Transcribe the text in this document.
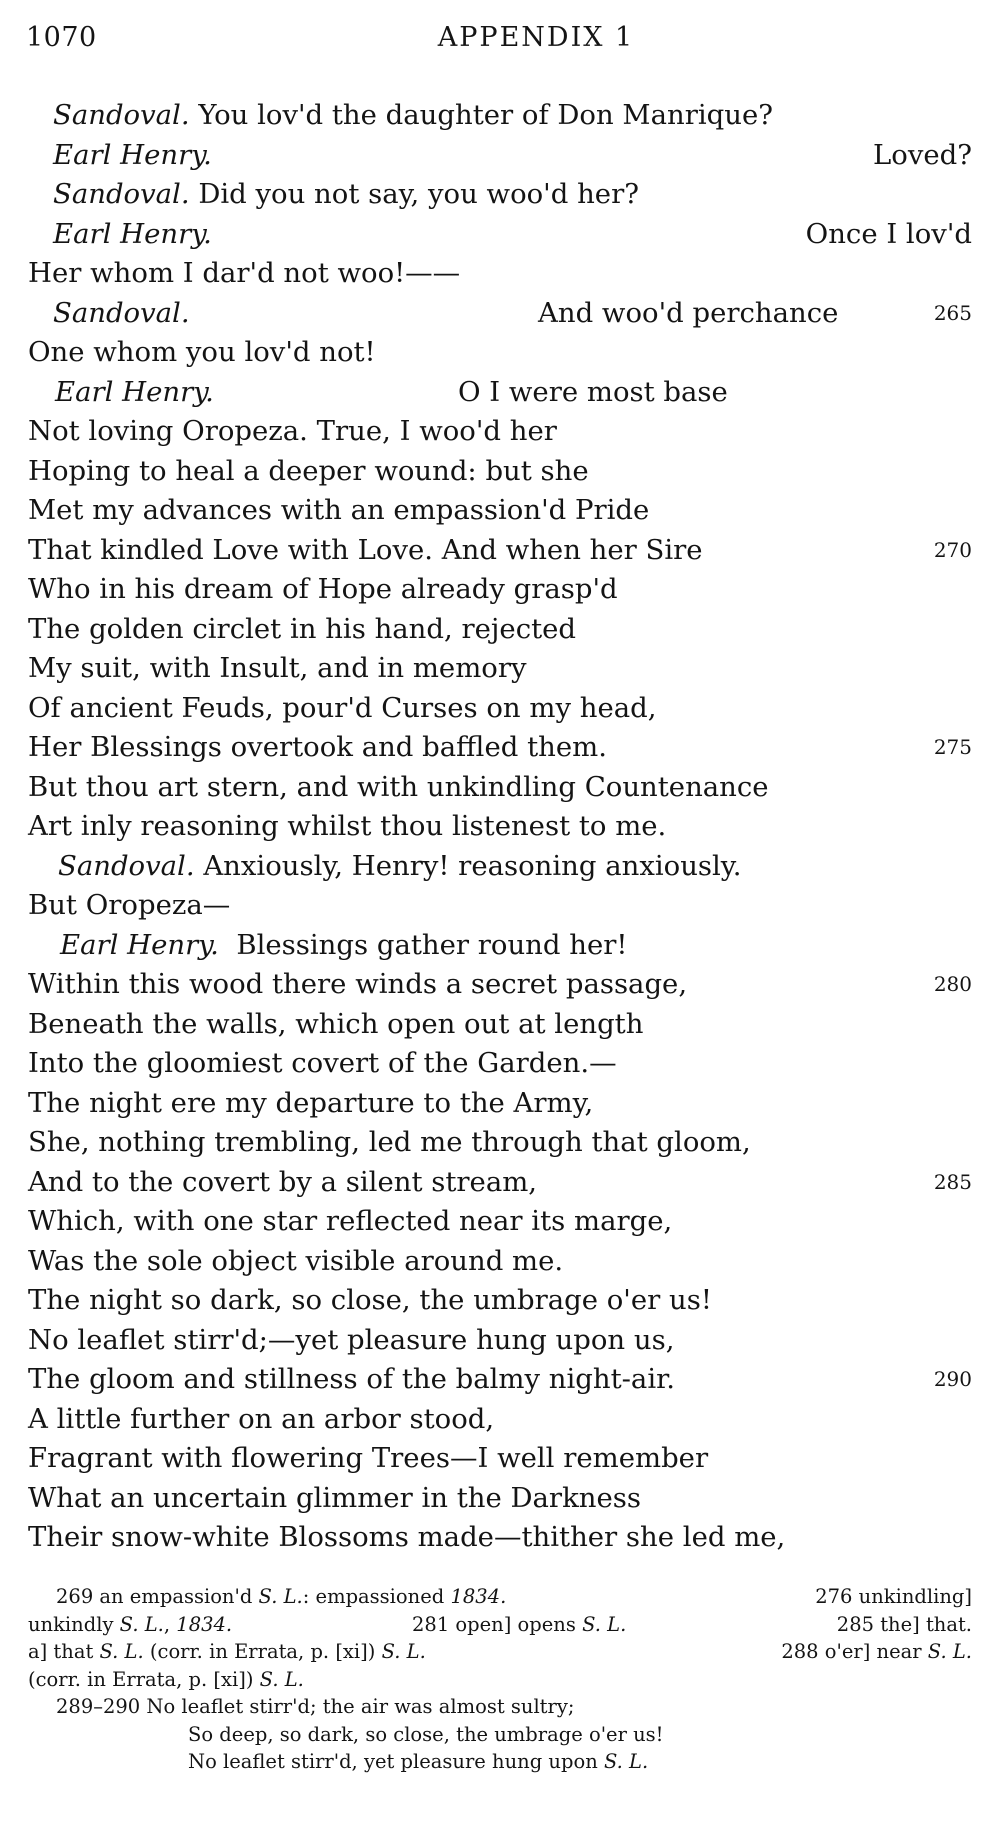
1070	APPENDIX 1
Sandoval. You lov'd the daughter of Don Manrique?
Earl Henry.	Loved?
Sandoval. Did you not say, you woo'd her?
Earl Henry.	Once I lov'd
Her whom I dar'd not woo!——
Sandoval.	And woo'd perchance	265
One whom you lov'd not!
Earl Henry.	O I were most base
Not loving Oropeza. True, I woo'd her
Hoping to heal a deeper wound: but she
Met my advances with an empassion'd Pride
That kindled Love with Love. And when her Sire	270
Who in his dream of Hope already grasp'd
The golden circlet in his hand, rejected
My suit, with Insult, and in memory
Of ancient Feuds, pour'd Curses on my head,
Her Blessings overtook and baffled them.	275
But thou art stern, and with unkindling Countenance
Art inly reasoning whilst thou listenest to me.
Sandoval. Anxiously, Henry! reasoning anxiously.
But Oropeza—
Earl Henry.  Blessings gather round her!
Within this wood there winds a secret passage,	280
Beneath the walls, which open out at length
Into the gloomiest covert of the Garden.—
The night ere my departure to the Army,
She, nothing trembling, led me through that gloom,
And to the covert by a silent stream,	285
Which, with one star reflected near its marge,
Was the sole object visible around me.
The night so dark, so close, the umbrage o'er us!
No leaflet stirr'd;—yet pleasure hung upon us,
The gloom and stillness of the balmy night-air.	290
A little further on an arbor stood,
Fragrant with flowering Trees—I well remember
What an uncertain glimmer in the Darkness
Their snow-white Blossoms made—thither she led me,
269 an empassion'd S. L.: empassioned 1834.	276 unkindling]
unkindly S. L., 1834.	281 open] opens S. L.	285 the] that.
a] that S. L. (corr. in Errata, p. [xi]) S. L.	288 o'er] near S. L.
(corr. in Errata, p. [xi]) S. L.
289–290 No leaflet stirr'd; the air was almost sultry;
So deep, so dark, so close, the umbrage o'er us!
No leaflet stirr'd, yet pleasure hung upon S. L.
